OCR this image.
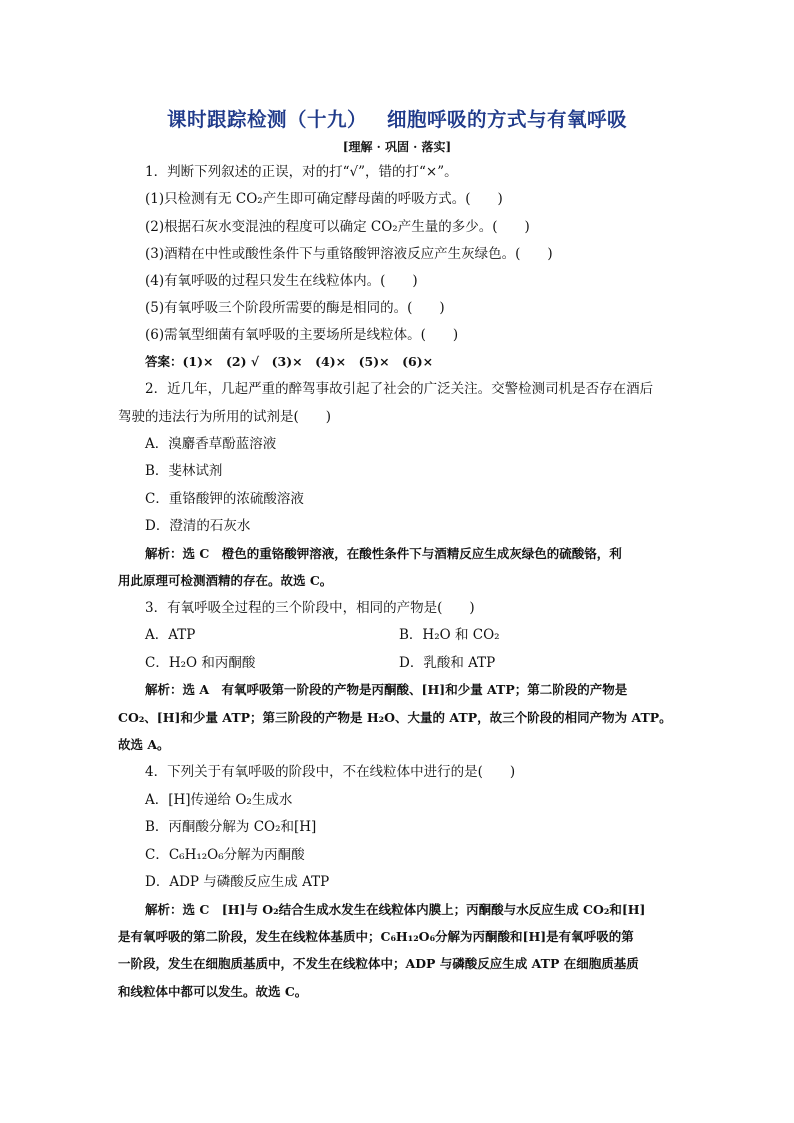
课时跟踪检测（十九） 细胞呼吸的方式与有氧呼吸
[理解 · 巩固 · 落实]
1．判断下列叙述的正误，对的打“√”，错的打“×”。
(1)只检测有无 CO₂产生即可确定酵母菌的呼吸方式。(　　)
(2)根据石灰水变混浊的程度可以确定 CO₂产生量的多少。(　　)
(3)酒精在中性或酸性条件下与重铬酸钾溶液反应产生灰绿色。(　　)
(4)有氧呼吸的过程只发生在线粒体内。(　　)
(5)有氧呼吸三个阶段所需要的酶是相同的。(　　)
(6)需氧型细菌有氧呼吸的主要场所是线粒体。(　　)
答案：(1)×　(2) √　(3)×　(4)×　(5)×　(6)×
2．近几年，几起严重的醉驾事故引起了社会的广泛关注。交警检测司机是否存在酒后
驾驶的违法行为所用的试剂是(　　)
A．溴麝香草酚蓝溶液
B．斐林试剂
C．重铬酸钾的浓硫酸溶液
D．澄清的石灰水
解析：选 C　橙色的重铬酸钾溶液，在酸性条件下与酒精反应生成灰绿色的硫酸铬，利
用此原理可检测酒精的存在。故选 C。
3．有氧呼吸全过程的三个阶段中，相同的产物是(　　)
A．ATP	B．H₂O 和 CO₂
C．H₂O 和丙酮酸	D．乳酸和 ATP
解析：选 A　有氧呼吸第一阶段的产物是丙酮酸、[H]和少量 ATP；第二阶段的产物是
CO₂、[H]和少量 ATP；第三阶段的产物是 H₂O、大量的 ATP，故三个阶段的相同产物为 ATP。
故选 A。
4．下列关于有氧呼吸的阶段中，不在线粒体中进行的是(　　)
A．[H]传递给 O₂生成水
B．丙酮酸分解为 CO₂和[H]
C．C₆H₁₂O₆分解为丙酮酸
D．ADP 与磷酸反应生成 ATP
解析：选 C　[H]与 O₂结合生成水发生在线粒体内膜上；丙酮酸与水反应生成 CO₂和[H]
是有氧呼吸的第二阶段，发生在线粒体基质中；C₆H₁₂O₆分解为丙酮酸和[H]是有氧呼吸的第
一阶段，发生在细胞质基质中，不发生在线粒体中；ADP 与磷酸反应生成 ATP 在细胞质基质
和线粒体中都可以发生。故选 C。
